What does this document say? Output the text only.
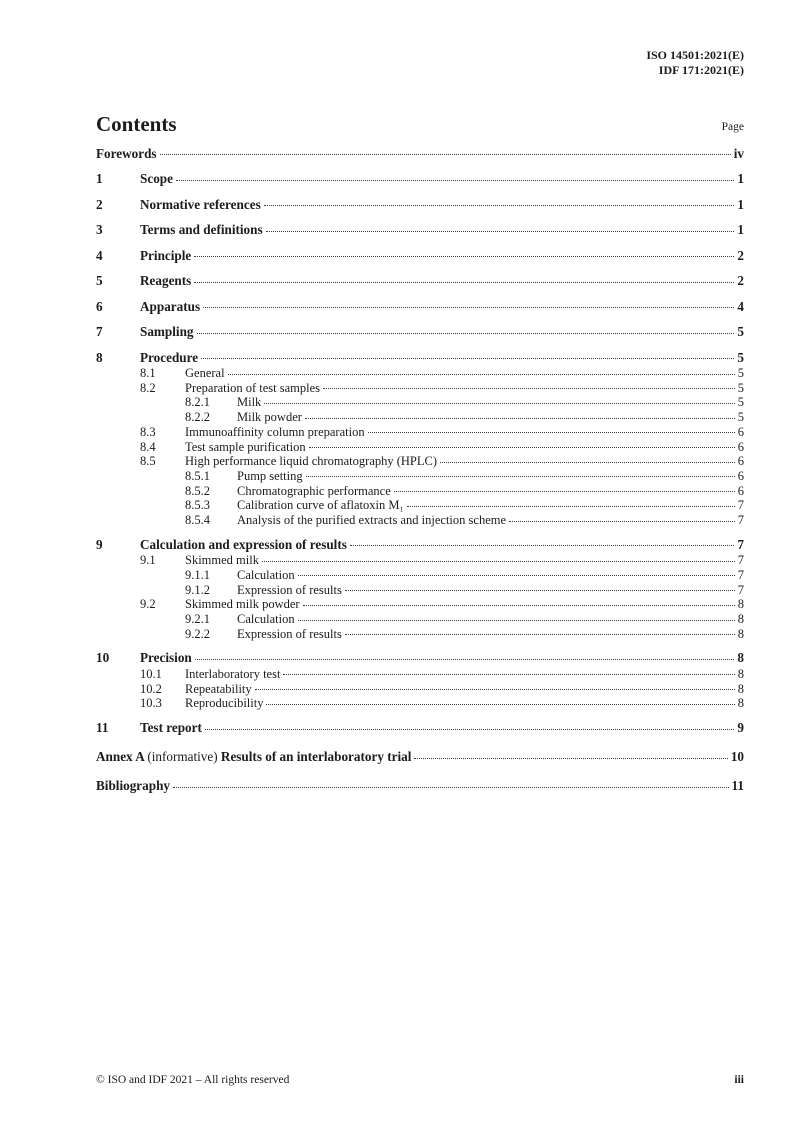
ISO 14501:2021(E)
IDF 171:2021(E)
Contents	Page
Forewords	iv
1	Scope	1
2	Normative references	1
3	Terms and definitions	1
4	Principle	2
5	Reagents	2
6	Apparatus	4
7	Sampling	5
8	Procedure	5
8.1	General	5
8.2	Preparation of test samples	5
8.2.1	Milk	5
8.2.2	Milk powder	5
8.3	Immunoaffinity column preparation	6
8.4	Test sample purification	6
8.5	High performance liquid chromatography (HPLC)	6
8.5.1	Pump setting	6
8.5.2	Chromatographic performance	6
8.5.3	Calibration curve of aflatoxin M₁	7
8.5.4	Analysis of the purified extracts and injection scheme	7
9	Calculation and expression of results	7
9.1	Skimmed milk	7
9.1.1	Calculation	7
9.1.2	Expression of results	7
9.2	Skimmed milk powder	8
9.2.1	Calculation	8
9.2.2	Expression of results	8
10	Precision	8
10.1	Interlaboratory test	8
10.2	Repeatability	8
10.3	Reproducibility	8
11	Test report	9
Annex A (informative) Results of an interlaboratory trial	10
Bibliography	11
© ISO and IDF 2021 – All rights reserved	iii
